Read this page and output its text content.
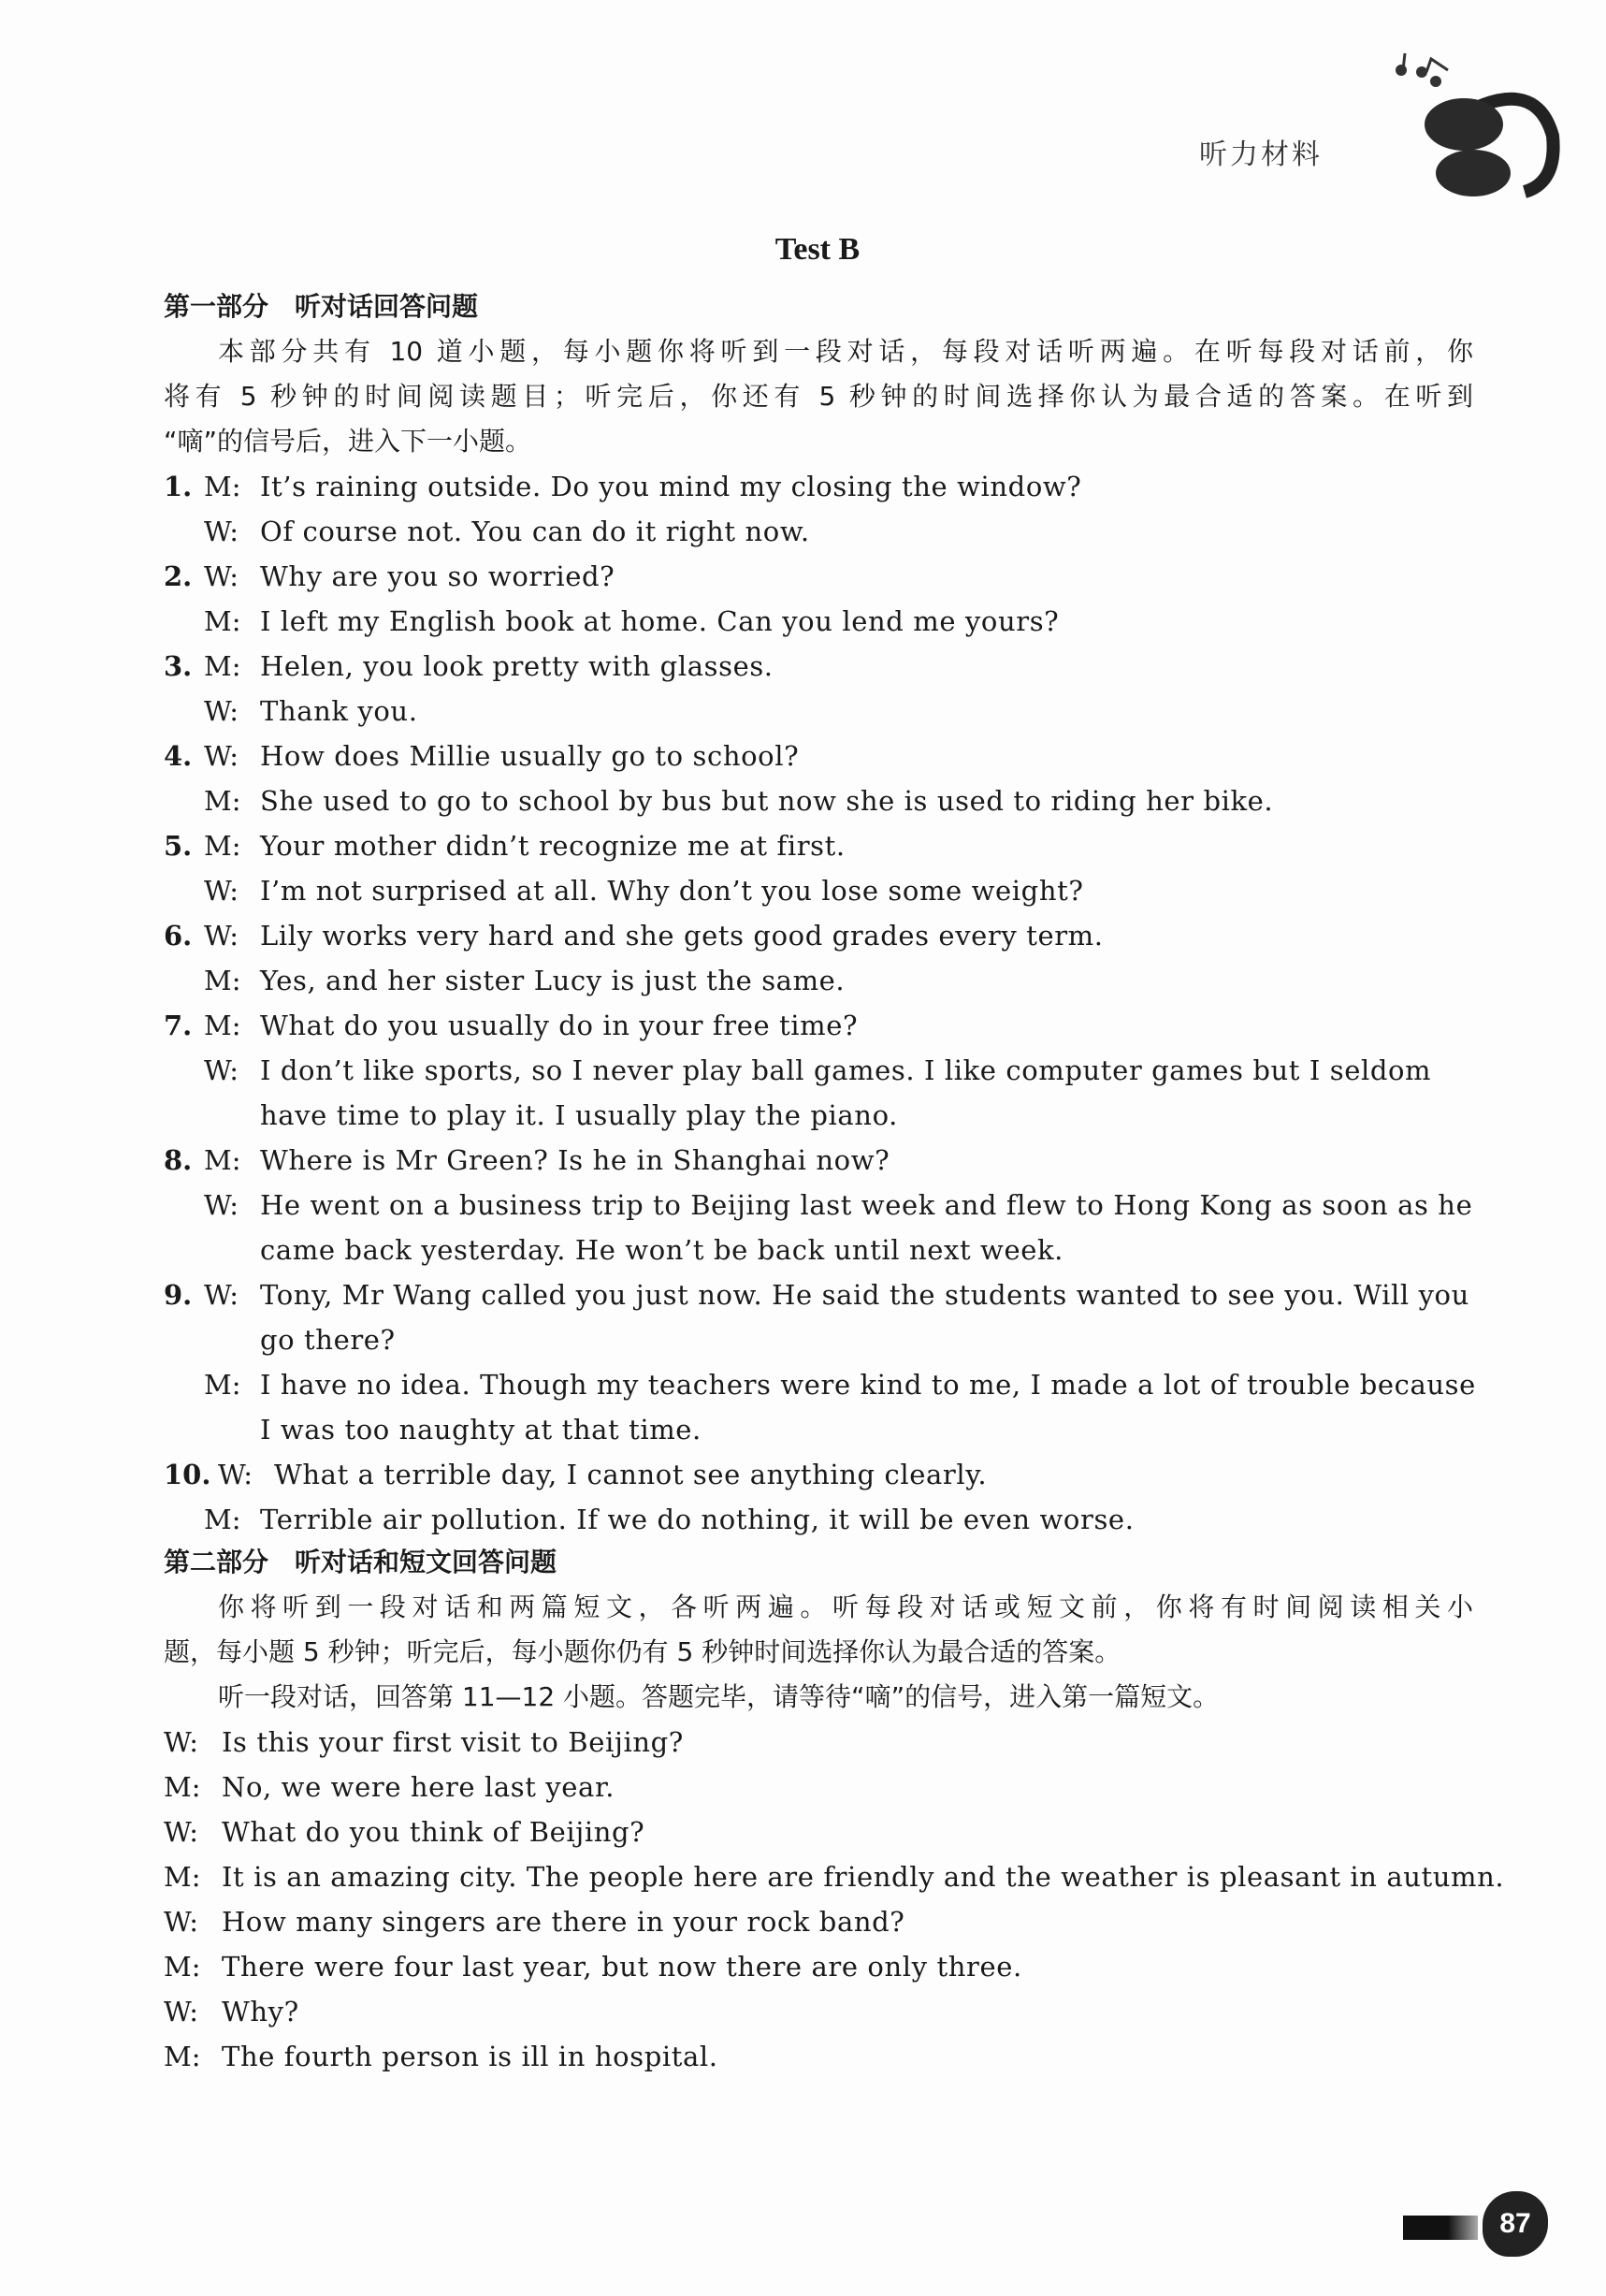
听力材料
Test B
第一部分　听对话回答问题
本部分共有 10 道小题，每小题你将听到一段对话，每段对话听两遍。在听每段对话前，你
将有 5 秒钟的时间阅读题目；听完后，你还有 5 秒钟的时间选择你认为最合适的答案。在听到
“嘀”的信号后，进入下一小题。
1. M: It’s raining outside. Do you mind my closing the window?
W: Of course not. You can do it right now.
2. W: Why are you so worried?
M: I left my English book at home. Can you lend me yours?
3. M: Helen, you look pretty with glasses.
W: Thank you.
4. W: How does Millie usually go to school?
M: She used to go to school by bus but now she is used to riding her bike.
5. M: Your mother didn’t recognize me at first.
W: I’m not surprised at all. Why don’t you lose some weight?
6. W: Lily works very hard and she gets good grades every term.
M: Yes, and her sister Lucy is just the same.
7. M: What do you usually do in your free time?
W: I don’t like sports, so I never play ball games. I like computer games but I seldom
have time to play it. I usually play the piano.
8. M: Where is Mr Green? Is he in Shanghai now?
W: He went on a business trip to Beijing last week and flew to Hong Kong as soon as he
came back yesterday. He won’t be back until next week.
9. W: Tony, Mr Wang called you just now. He said the students wanted to see you. Will you
go there?
M: I have no idea. Though my teachers were kind to me, I made a lot of trouble because
I was too naughty at that time.
10. W: What a terrible day, I cannot see anything clearly.
M: Terrible air pollution. If we do nothing, it will be even worse.
第二部分　听对话和短文回答问题
你将听到一段对话和两篇短文，各听两遍。听每段对话或短文前，你将有时间阅读相关小
题，每小题 5 秒钟；听完后，每小题你仍有 5 秒钟时间选择你认为最合适的答案。
听一段对话，回答第 11—12 小题。答题完毕，请等待“嘀”的信号，进入第一篇短文。
W: Is this your first visit to Beijing?
M: No, we were here last year.
W: What do you think of Beijing?
M: It is an amazing city. The people here are friendly and the weather is pleasant in autumn.
W: How many singers are there in your rock band?
M: There were four last year, but now there are only three.
W: Why?
M: The fourth person is ill in hospital.
87
